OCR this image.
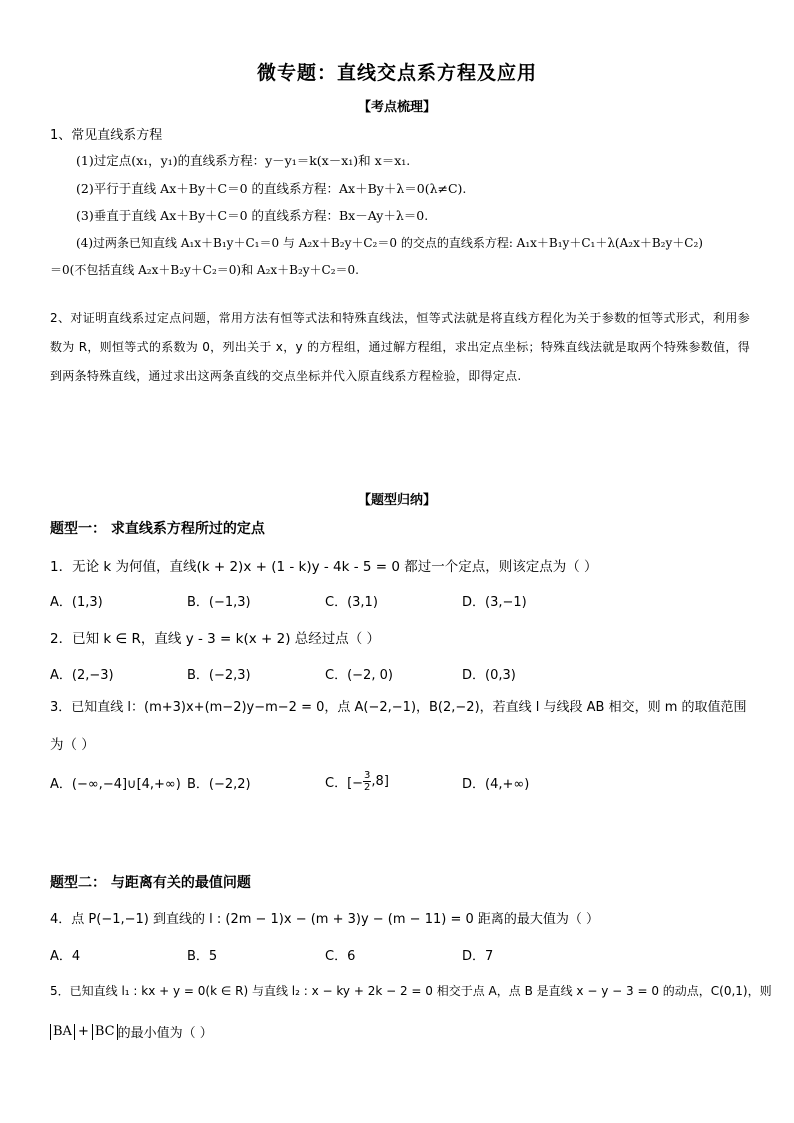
微专题：直线交点系方程及应用
【考点梳理】
1、常见直线系方程
(1)过定点(x₁，y₁)的直线系方程：y－y₁＝k(x－x₁)和 x＝x₁.
(2)平行于直线 Ax＋By＋C＝0 的直线系方程：Ax＋By＋λ＝0(λ≠C).
(3)垂直于直线 Ax＋By＋C＝0 的直线系方程：Bx－Ay＋λ＝0.
(4)过两条已知直线 A₁x＋B₁y＋C₁＝0 与 A₂x＋B₂y＋C₂＝0 的交点的直线系方程: A₁x＋B₁y＋C₁＋λ(A₂x＋B₂y＋C₂)
＝0(不包括直线 A₂x＋B₂y＋C₂＝0)和 A₂x＋B₂y＋C₂＝0.
2、对证明直线系过定点问题，常用方法有恒等式法和特殊直线法，恒等式法就是将直线方程化为关于参数的恒等式形式，利用参数为 R，则恒等式的系数为 0，列出关于 x，y 的方程组，通过解方程组，求出定点坐标；特殊直线法就是取两个特殊参数值，得到两条特殊直线，通过求出这两条直线的交点坐标并代入原直线系方程检验，即得定点.
【题型归纳】
题型一： 求直线系方程所过的定点
1．无论 k 为何值，直线(k + 2)x + (1 - k)y - 4k - 5 = 0 都过一个定点，则该定点为（ ）
A．(1,3)	B．(−1,3)	C．(3,1)	D．(3,−1)
2．已知 k ∈ R，直线 y - 3 = k(x + 2) 总经过点（ ）
A．(2,−3)	B．(−2,3)	C．(−2, 0)	D．(0,3)
3．已知直线 l：(m+3)x+(m−2)y−m−2 = 0，点 A(−2,−1)，B(2,−2)，若直线 l 与线段 AB 相交，则 m 的取值范围
为（ ）
A．(−∞,−4]∪[4,+∞) B．(−2,2)	C．[− $\frac{3}{2} ,8$]	D．(4,+∞)
题型二： 与距离有关的最值问题
4．点 P(−1,−1) 到直线的 l : (2m − 1)x − (m + 3)y − (m − 11) = 0 距离的最大值为（ ）
A．4	B．5	C．6	D．7
5．已知直线 l₁ : kx + y = 0(k ∈ R) 与直线 l₂ : x − ky + 2k − 2 = 0 相交于点 A，点 B 是直线 x − y − 3 = 0 的动点，C(0,1)，则
BA + BC 的最小值为（ ）
